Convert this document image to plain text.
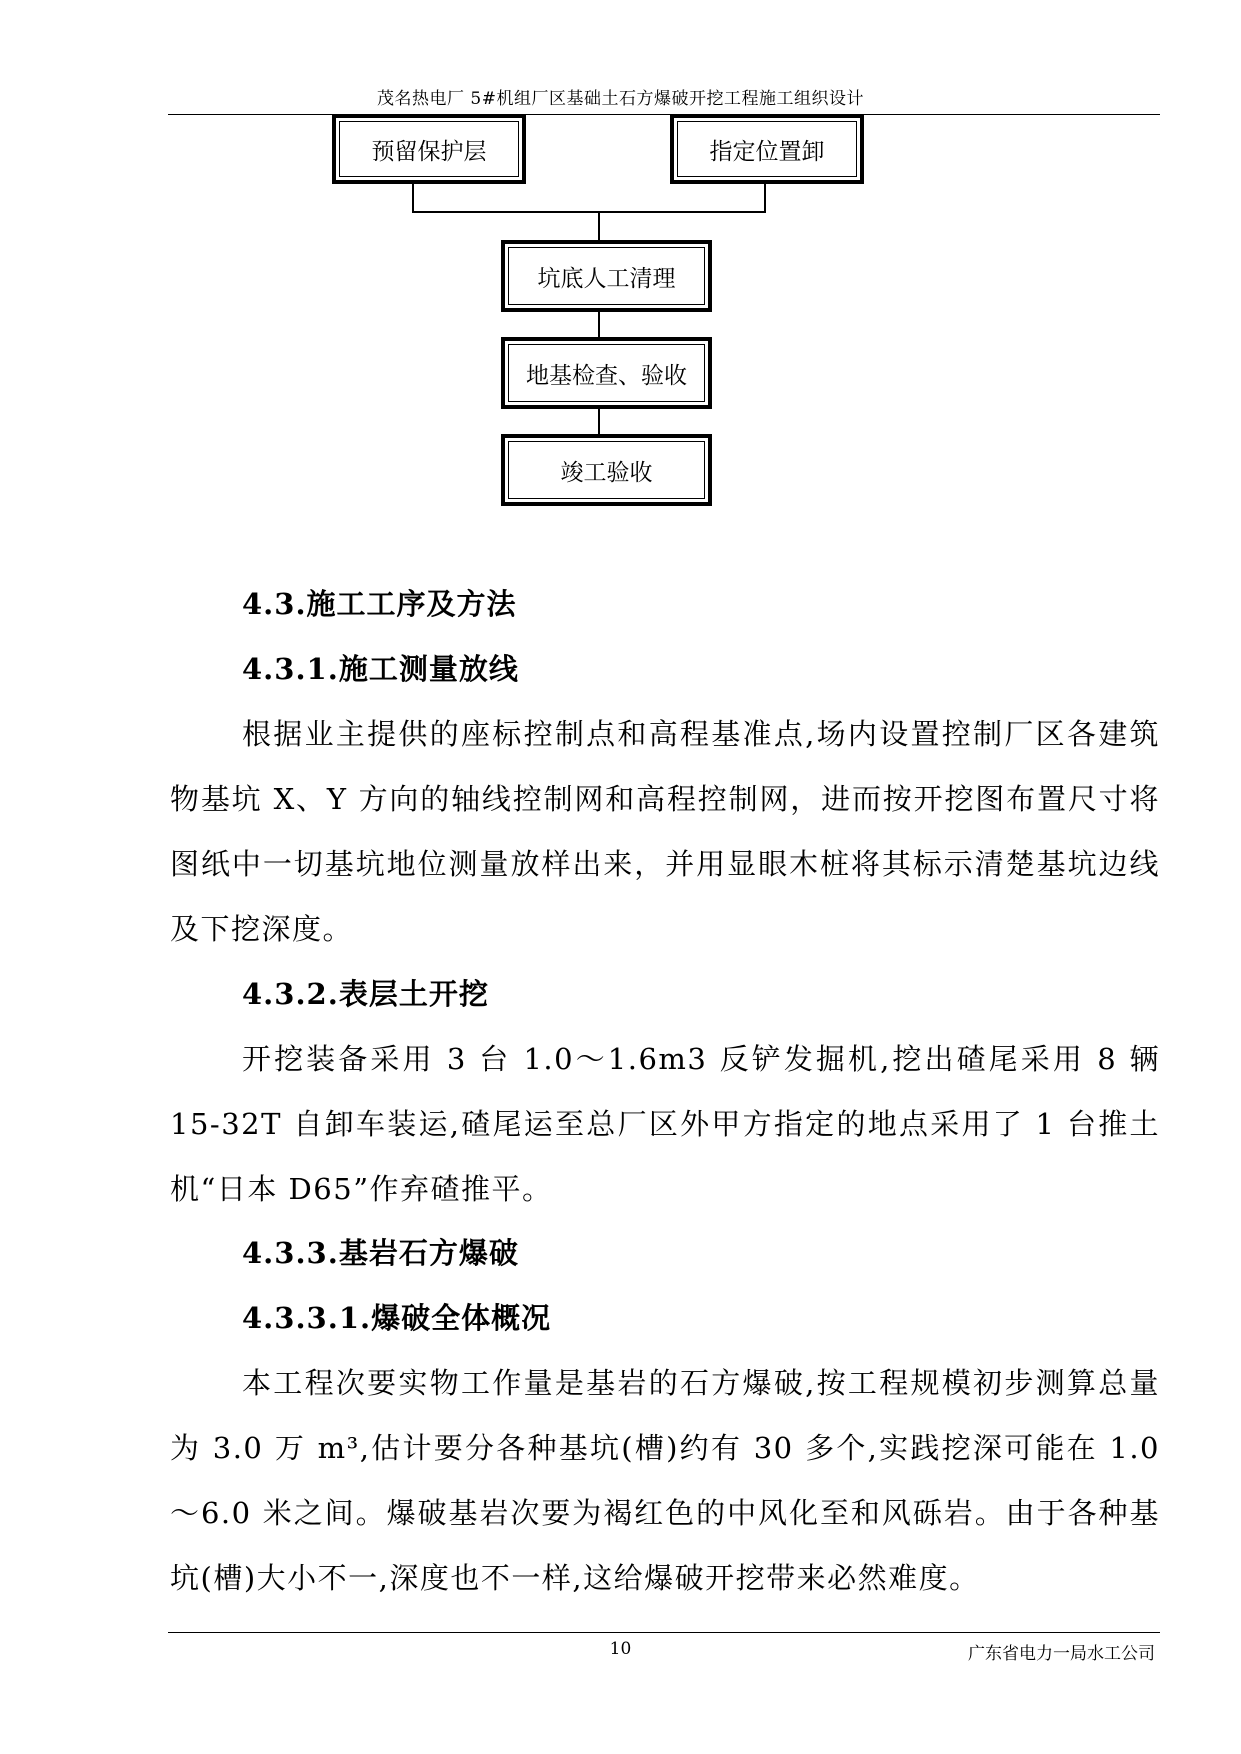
茂名热电厂 5#机组厂区基础土石方爆破开挖工程施工组织设计
预留保护层	指定位置卸
坑底人工清理
地基检查、验收
竣工验收
4.3.施工工序及方法
4.3.1.施工测量放线
根据业主提供的座标控制点和高程基准点,场内设置控制厂区各建筑物基坑 X、Y 方向的轴线控制网和高程控制网，进而按开挖图布置尺寸将图纸中一切基坑地位测量放样出来，并用显眼木桩将其标示清楚基坑边线及下挖深度。
4.3.2.表层土开挖
开挖装备采用 3 台 1.0～1.6m3 反铲发掘机,挖出碴尾采用 8 辆 15-32T 自卸车装运,碴尾运至总厂区外甲方指定的地点采用了 1 台推土机“日本 D65”作弃碴推平。
4.3.3.基岩石方爆破
4.3.3.1.爆破全体概况
本工程次要实物工作量是基岩的石方爆破,按工程规模初步测算总量为 3.0 万 m³,估计要分各种基坑(槽)约有 30 多个,实践挖深可能在 1.0～6.0 米之间。爆破基岩次要为褐红色的中风化至和风砾岩。由于各种基坑(槽)大小不一,深度也不一样,这给爆破开挖带来必然难度。
10	广东省电力一局水工公司
